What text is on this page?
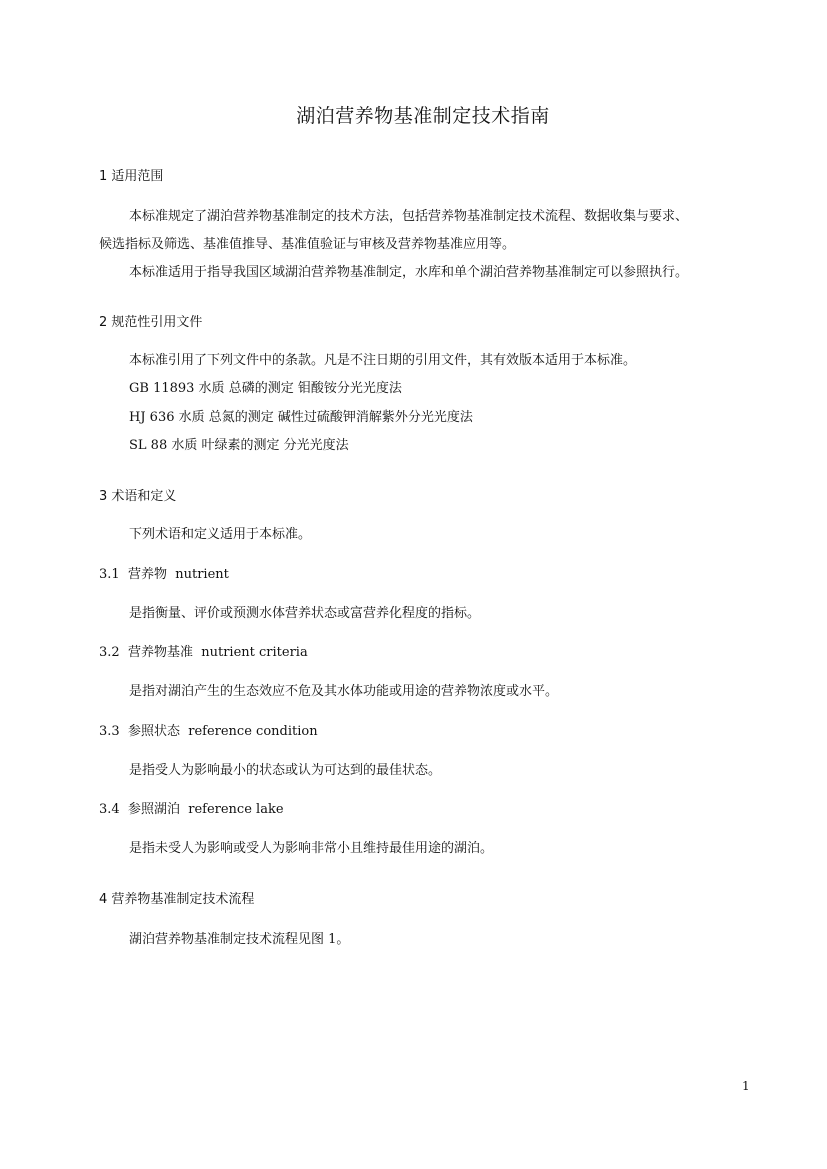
湖泊营养物基准制定技术指南
1 适用范围
本标准规定了湖泊营养物基准制定的技术方法，包括营养物基准制定技术流程、数据收集与要求、
候选指标及筛选、基准值推导、基准值验证与审核及营养物基准应用等。
本标准适用于指导我国区域湖泊营养物基准制定，水库和单个湖泊营养物基准制定可以参照执行。
2 规范性引用文件
本标准引用了下列文件中的条款。凡是不注日期的引用文件，其有效版本适用于本标准。
GB 11893 水质 总磷的测定 钼酸铵分光光度法
HJ 636 水质 总氮的测定 碱性过硫酸钾消解紫外分光光度法
SL 88 水质 叶绿素的测定 分光光度法
3 术语和定义
下列术语和定义适用于本标准。
3.1 营养物 nutrient
是指衡量、评价或预测水体营养状态或富营养化程度的指标。
3.2 营养物基准 nutrient criteria
是指对湖泊产生的生态效应不危及其水体功能或用途的营养物浓度或水平。
3.3 参照状态 reference condition
是指受人为影响最小的状态或认为可达到的最佳状态。
3.4 参照湖泊 reference lake
是指未受人为影响或受人为影响非常小且维持最佳用途的湖泊。
4 营养物基准制定技术流程
湖泊营养物基准制定技术流程见图 1。
1
